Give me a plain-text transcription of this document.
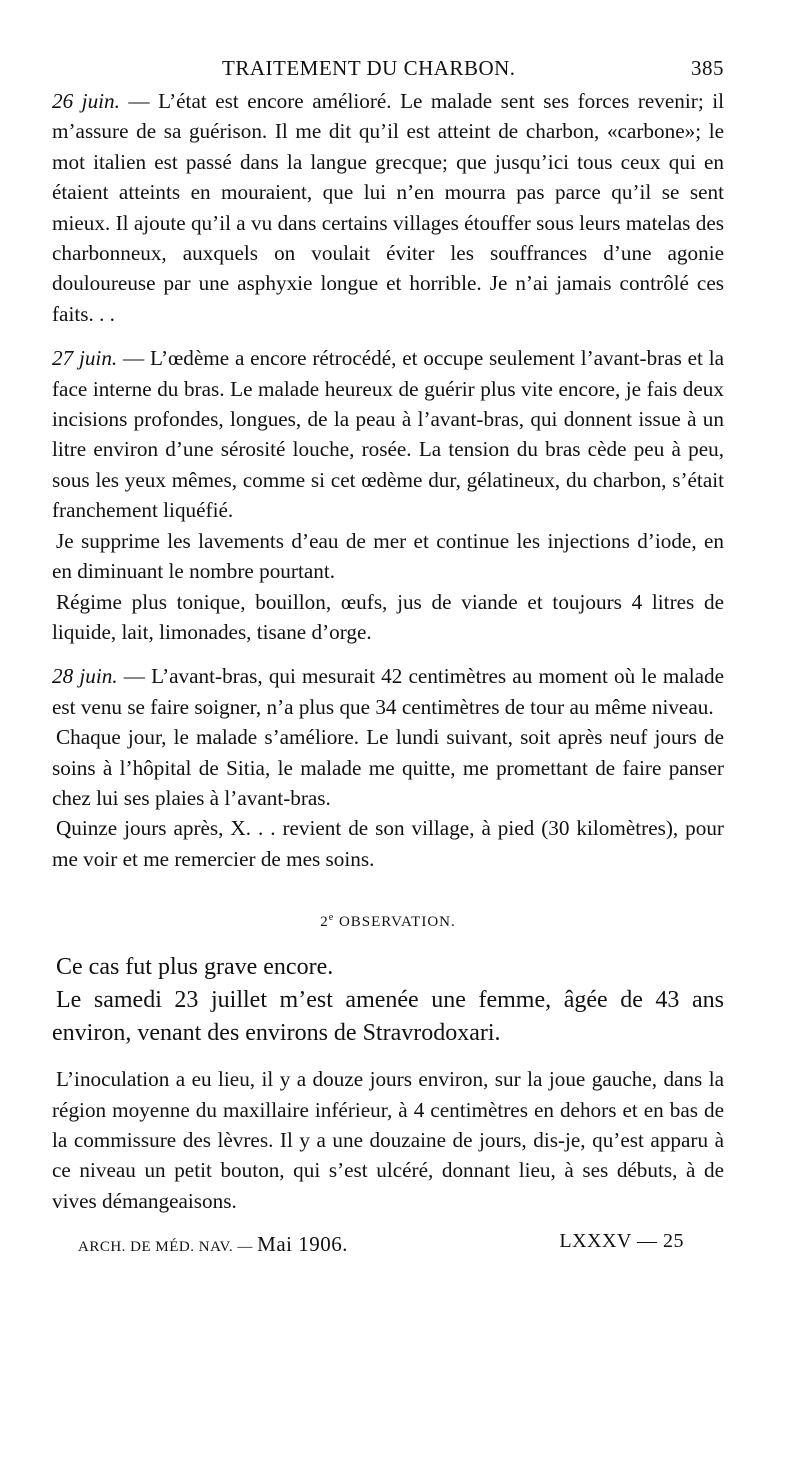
TRAITEMENT DU CHARBON.	385

26 juin. — L’état est encore amélioré. Le malade sent ses forces revenir; il m’assure de sa guérison. Il me dit qu’il est atteint de charbon, «carbone»; le mot italien est passé dans la langue grecque; que jusqu’ici tous ceux qui en étaient atteints en mouraient, que lui n’en mourra pas parce qu’il se sent mieux. Il ajoute qu’il a vu dans certains villages étouffer sous leurs matelas des charbonneux, auxquels on voulait éviter les souffrances d’une agonie douloureuse par une asphyxie longue et horrible. Je n’ai jamais contrôlé ces faits. . .

27 juin. — L’œdème a encore rétrocédé, et occupe seulement l’avant-bras et la face interne du bras. Le malade heureux de guérir plus vite encore, je fais deux incisions profondes, longues, de la peau à l’avant-bras, qui donnent issue à un litre environ d’une sérosité louche, rosée. La tension du bras cède peu à peu, sous les yeux mêmes, comme si cet œdème dur, gélatineux, du charbon, s’était franchement liquéfié.

Je supprime les lavements d’eau de mer et continue les injections d’iode, en en diminuant le nombre pourtant.

Régime plus tonique, bouillon, œufs, jus de viande et toujours 4 litres de liquide, lait, limonades, tisane d’orge.

28 juin. — L’avant-bras, qui mesurait 42 centimètres au moment où le malade est venu se faire soigner, n’a plus que 34 centimètres de tour au même niveau.

Chaque jour, le malade s’améliore. Le lundi suivant, soit après neuf jours de soins à l’hôpital de Sitia, le malade me quitte, me promettant de faire panser chez lui ses plaies à l’avant-bras.

Quinze jours après, X. . . revient de son village, à pied (30 kilomètres), pour me voir et me remercier de mes soins.

2e OBSERVATION.

Ce cas fut plus grave encore.

Le samedi 23 juillet m’est amenée une femme, âgée de 43 ans environ, venant des environs de Stravrodoxari.

L’inoculation a eu lieu, il y a douze jours environ, sur la joue gauche, dans la région moyenne du maxillaire inférieur, à 4 centimètres en dehors et en bas de la commissure des lèvres. Il y a une douzaine de jours, dis-je, qu’est apparu à ce niveau un petit bouton, qui s’est ulcéré, donnant lieu, à ses débuts, à de vives démangeaisons.

ARCH. DE MÉD. NAV. — Mai 1906.	LXXXV — 25
